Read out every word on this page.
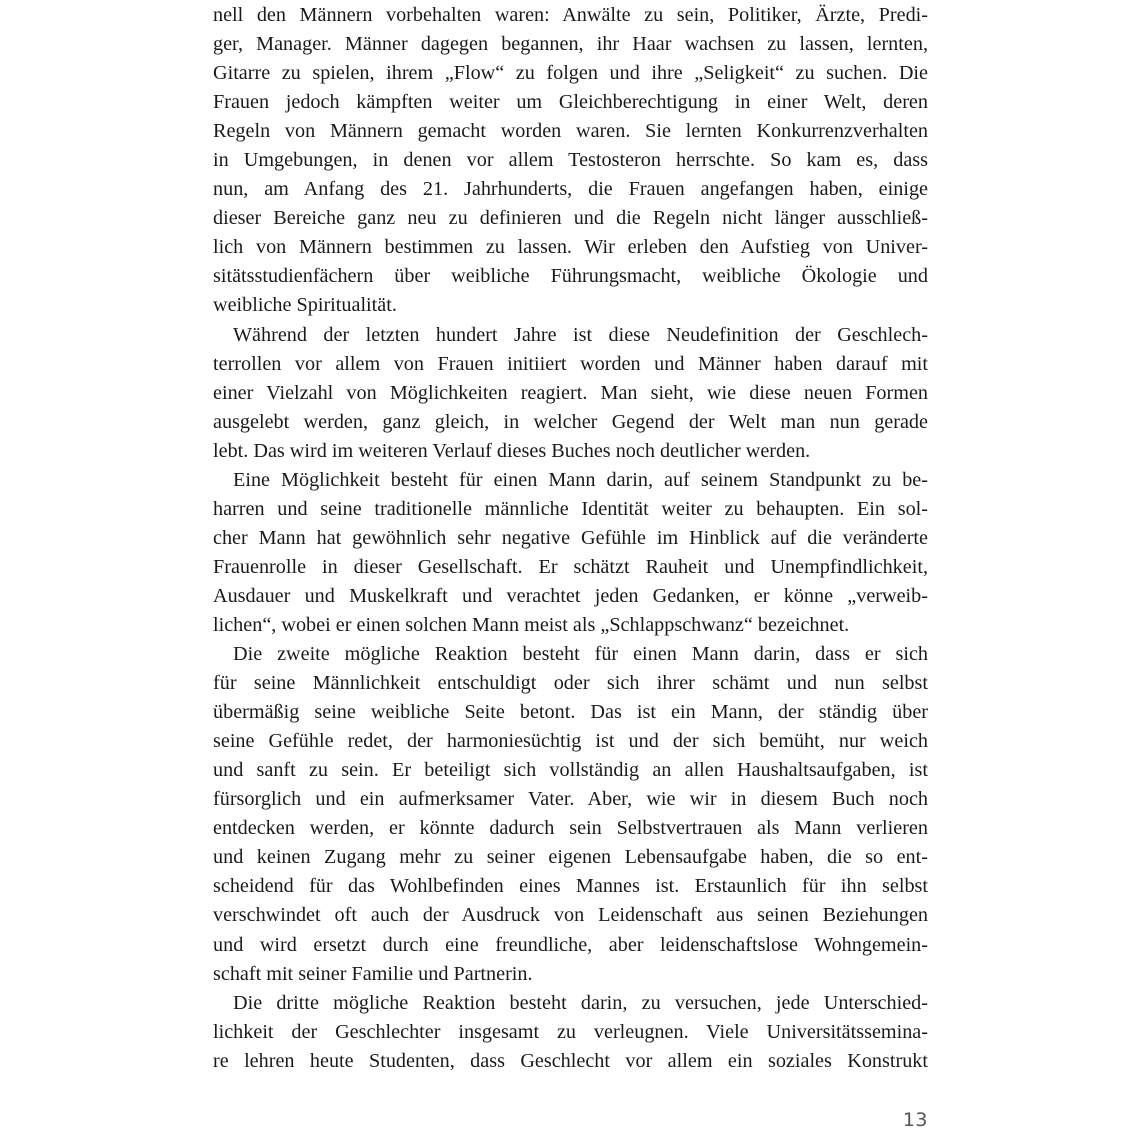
nell den Männern vorbehalten waren: Anwälte zu sein, Politiker, Ärzte, Predi-
ger, Manager. Männer dagegen begannen, ihr Haar wachsen zu lassen, lernten,
Gitarre zu spielen, ihrem „Flow“ zu folgen und ihre „Seligkeit“ zu suchen. Die
Frauen jedoch kämpften weiter um Gleichberechtigung in einer Welt, deren
Regeln von Männern gemacht worden waren. Sie lernten Konkurrenzverhalten
in Umgebungen, in denen vor allem Testosteron herrschte. So kam es, dass
nun, am Anfang des 21. Jahrhunderts, die Frauen angefangen haben, einige
dieser Bereiche ganz neu zu definieren und die Regeln nicht länger ausschließ-
lich von Männern bestimmen zu lassen. Wir erleben den Aufstieg von Univer-
sitätsstudienfächern über weibliche Führungsmacht, weibliche Ökologie und
weibliche Spiritualität.
Während der letzten hundert Jahre ist diese Neudefinition der Geschlech-
terrollen vor allem von Frauen initiiert worden und Männer haben darauf mit
einer Vielzahl von Möglichkeiten reagiert. Man sieht, wie diese neuen Formen
ausgelebt werden, ganz gleich, in welcher Gegend der Welt man nun gerade
lebt. Das wird im weiteren Verlauf dieses Buches noch deutlicher werden.
Eine Möglichkeit besteht für einen Mann darin, auf seinem Standpunkt zu be-
harren und seine traditionelle männliche Identität weiter zu behaupten. Ein sol-
cher Mann hat gewöhnlich sehr negative Gefühle im Hinblick auf die veränderte
Frauenrolle in dieser Gesellschaft. Er schätzt Rauheit und Unempfindlichkeit,
Ausdauer und Muskelkraft und verachtet jeden Gedanken, er könne „verweib-
lichen“, wobei er einen solchen Mann meist als „Schlappschwanz“ bezeichnet.
Die zweite mögliche Reaktion besteht für einen Mann darin, dass er sich
für seine Männlichkeit entschuldigt oder sich ihrer schämt und nun selbst
übermäßig seine weibliche Seite betont. Das ist ein Mann, der ständig über
seine Gefühle redet, der harmoniesüchtig ist und der sich bemüht, nur weich
und sanft zu sein. Er beteiligt sich vollständig an allen Haushaltsaufgaben, ist
fürsorglich und ein aufmerksamer Vater. Aber, wie wir in diesem Buch noch
entdecken werden, er könnte dadurch sein Selbstvertrauen als Mann verlieren
und keinen Zugang mehr zu seiner eigenen Lebensaufgabe haben, die so ent-
scheidend für das Wohlbefinden eines Mannes ist. Erstaunlich für ihn selbst
verschwindet oft auch der Ausdruck von Leidenschaft aus seinen Beziehungen
und wird ersetzt durch eine freundliche, aber leidenschaftslose Wohngemein-
schaft mit seiner Familie und Partnerin.
Die dritte mögliche Reaktion besteht darin, zu versuchen, jede Unterschied-
lichkeit der Geschlechter insgesamt zu verleugnen. Viele Universitätsseminа-
re lehren heute Studenten, dass Geschlecht vor allem ein soziales Konstrukt
13
